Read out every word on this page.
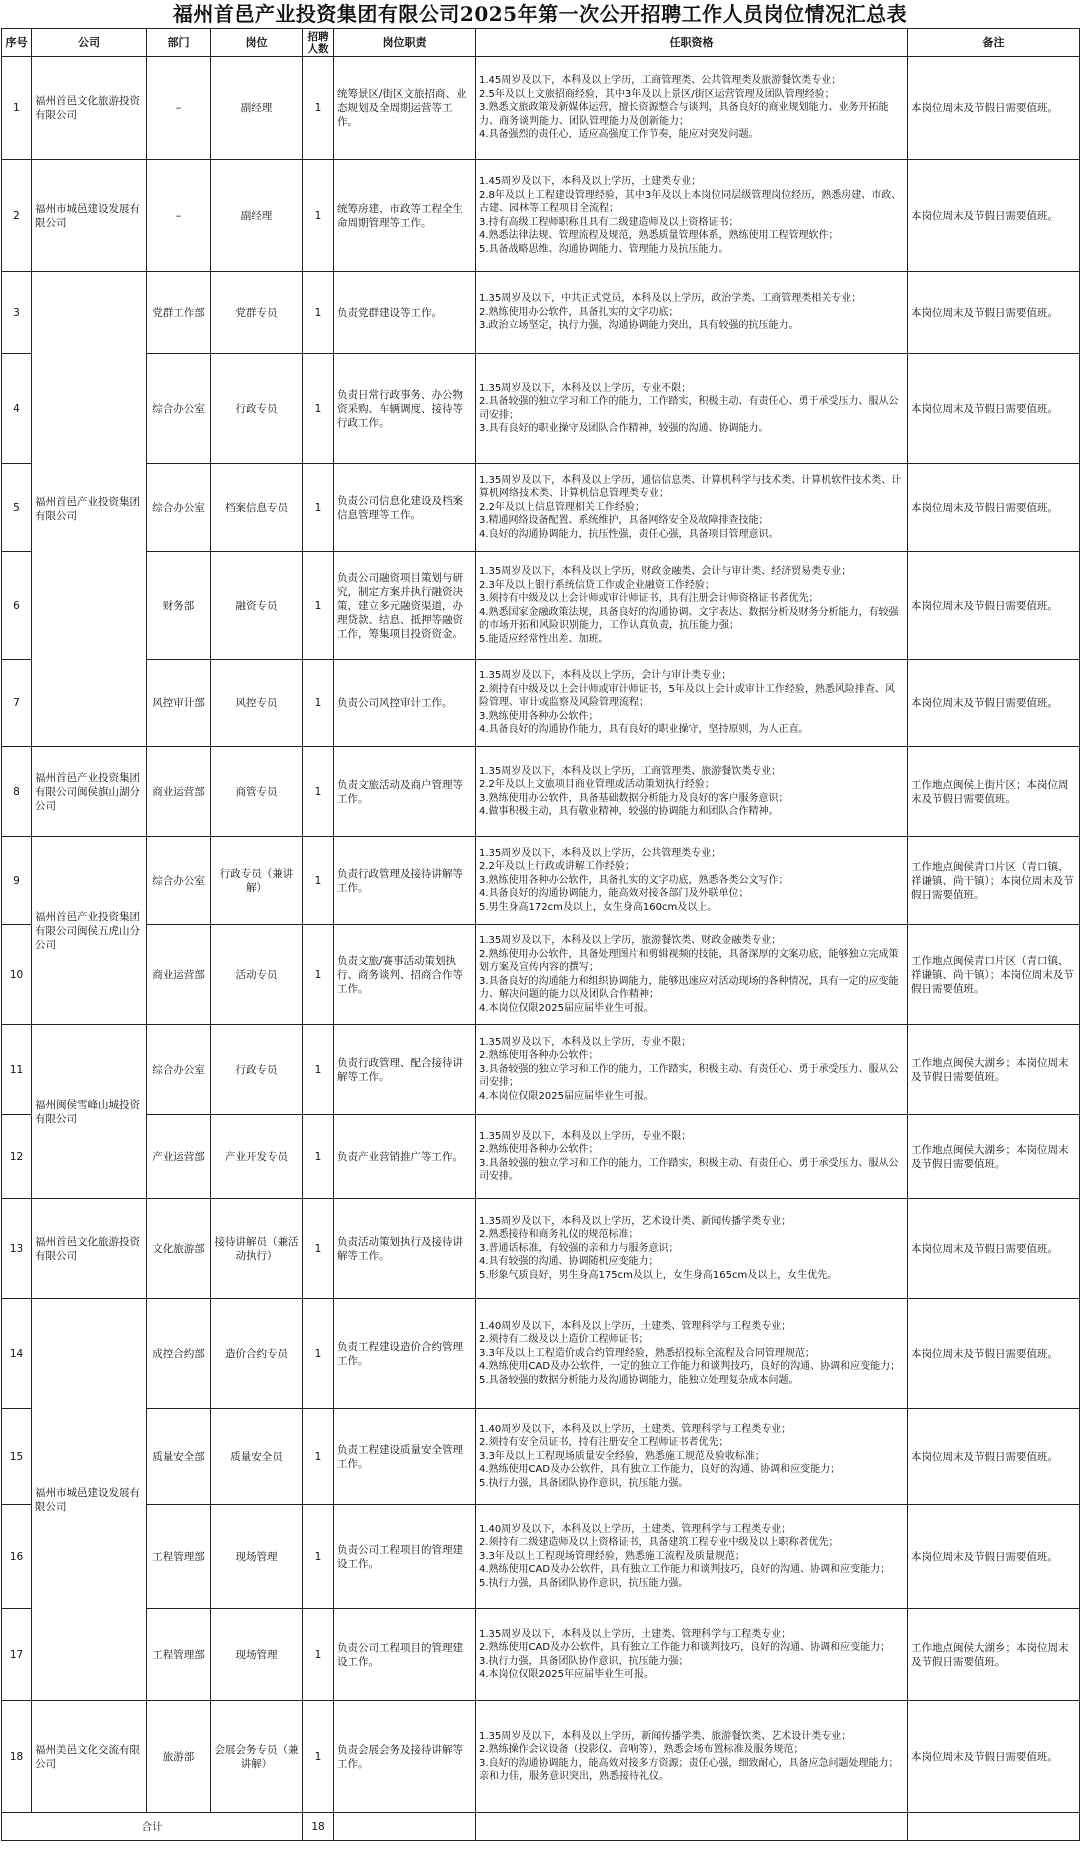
福州首邑产业投资集团有限公司2025年第一次公开招聘工作人员岗位情况汇总表
序号	公司	部门	岗位	招聘人数	岗位职责	任职资格	备注
1	福州首邑文化旅游投资有限公司	–	副经理	1	统筹景区/街区文旅招商、业态规划及全周期运营等工作。	1.45周岁及以下，本科及以上学历，工商管理类、公共管理类及旅游餐饮类专业；
2.5年及以上文旅招商经验，其中3年及以上景区/街区运营管理及团队管理经验；
3.熟悉文旅政策及新媒体运营，擅长资源整合与谈判，具备良好的商业规划能力、业务开拓能力、商务谈判能力、团队管理能力及创新能力；
4.具备强烈的责任心，适应高强度工作节奏，能应对突发问题。	本岗位周末及节假日需要值班。
2	福州市城邑建设发展有限公司	–	副经理	1	统筹房建、市政等工程全生命周期管理等工作。	1.45周岁及以下，本科及以上学历，土建类专业；
2.8年及以上工程建设管理经验，其中3年及以上本岗位同层级管理岗位经历，熟悉房建、市政、古建、园林等工程项目全流程；
3.持有高级工程师职称且具有二级建造师及以上资格证书；
4.熟悉法律法规、管理流程及规范，熟悉质量管理体系，熟练使用工程管理软件；
5.具备战略思维、沟通协调能力、管理能力及抗压能力。	本岗位周末及节假日需要值班。
3	福州首邑产业投资集团有限公司	党群工作部	党群专员	1	负责党群建设等工作。	1.35周岁及以下，中共正式党员，本科及以上学历，政治学类、工商管理类相关专业；
2.熟练使用办公软件，具备扎实的文字功底；
3.政治立场坚定，执行力强，沟通协调能力突出，具有较强的抗压能力。	本岗位周末及节假日需要值班。
4		综合办公室	行政专员	1	负责日常行政事务、办公物资采购、车辆调度、接待等行政工作。	1.35周岁及以下，本科及以上学历，专业不限；
2.具备较强的独立学习和工作的能力，工作踏实，积极主动、有责任心、勇于承受压力、服从公司安排；
3.具有良好的职业操守及团队合作精神，较强的沟通、协调能力。	本岗位周末及节假日需要值班。
5		综合办公室	档案信息专员	1	负责公司信息化建设及档案信息管理等工作。	1.35周岁及以下，本科及以上学历，通信信息类、计算机科学与技术类、计算机软件技术类、计算机网络技术类、计算机信息管理类专业；
2.2年及以上信息管理相关工作经验；
3.精通网络设备配置、系统维护，具备网络安全及故障排查技能；
4.良好的沟通协调能力，抗压性强，责任心强，具备项目管理意识。	本岗位周末及节假日需要值班。
6		财务部	融资专员	1	负责公司融资项目策划与研究，制定方案并执行融资决策，建立多元融资渠道，办理贷款、结息、抵押等融资工作，筹集项目投资资金。	1.35周岁及以下，本科及以上学历，财政金融类、会计与审计类、经济贸易类专业；
2.3年及以上银行系统信贷工作或企业融资工作经验；
3.须持有中级及以上会计师或审计师证书，具有注册会计师资格证书者优先；
4.熟悉国家金融政策法规，具备良好的沟通协调、文字表达、数据分析及财务分析能力，有较强的市场开拓和风险识别能力，工作认真负责，抗压能力强；
5.能适应经常性出差、加班。	本岗位周末及节假日需要值班。
7		风控审计部	风控专员	1	负责公司风控审计工作。	1.35周岁及以下，本科及以上学历，会计与审计类专业；
2.须持有中级及以上会计师或审计师证书，5年及以上会计或审计工作经验，熟悉风险排查、风险管理、审计或监察及风险管理流程；
3.熟练使用各种办公软件；
4.具备良好的沟通协作能力，具有良好的职业操守，坚持原则，为人正直。	本岗位周末及节假日需要值班。
8	福州首邑产业投资集团有限公司闽侯旗山湖分公司	商业运营部	商管专员	1	负责文旅活动及商户管理等工作。	1.35周岁及以下，本科及以上学历，工商管理类、旅游餐饮类专业；
2.2年及以上文旅项目商业管理或活动策划执行经验；
3.熟练使用办公软件，具备基础数据分析能力及良好的客户服务意识；
4.做事积极主动，具有敬业精神，较强的协调能力和团队合作精神。	工作地点闽侯上街片区；本岗位周末及节假日需要值班。
9	福州首邑产业投资集团有限公司闽侯五虎山分公司	综合办公室	行政专员（兼讲解）	1	负责行政管理及接待讲解等工作。	1.35周岁及以下，本科及以上学历，公共管理类专业；
2.2年及以上行政或讲解工作经验；
3.熟练使用各种办公软件，具备扎实的文字功底，熟悉各类公文写作；
4.具备良好的沟通协调能力，能高效对接各部门及外联单位；
5.男生身高172cm及以上，女生身高160cm及以上。	工作地点闽侯青口片区（青口镇、祥谦镇、尚干镇）；本岗位周末及节假日需要值班。
10		商业运营部	活动专员	1	负责文旅/赛事活动策划执行、商务谈判、招商合作等工作。	1.35周岁及以下，本科及以上学历，旅游餐饮类、财政金融类专业；
2.熟练使用办公软件，具备处理图片和剪辑视频的技能，具备深厚的文案功底，能够独立完成策划方案及宣传内容的撰写；
3.具备良好的沟通能力和组织协调能力，能够迅速应对活动现场的各种情况，具有一定的应变能力、解决问题的能力以及团队合作精神；
4.本岗位仅限2025届应届毕业生可报。	工作地点闽侯青口片区（青口镇、祥谦镇、尚干镇）；本岗位周末及节假日需要值班。
11	福州闽侯雪峰山城投资有限公司	综合办公室	行政专员	1	负责行政管理、配合接待讲解等工作。	1.35周岁及以下，本科及以上学历，专业不限；
2.熟练使用各种办公软件；
3.具备较强的独立学习和工作的能力，工作踏实，积极主动、有责任心、勇于承受压力、服从公司安排；
4.本岗位仅限2025届应届毕业生可报。	工作地点闽侯大湖乡；本岗位周末及节假日需要值班。
12		产业运营部	产业开发专员	1	负责产业营销推广等工作。	1.35周岁及以下，本科及以上学历，专业不限；
2.熟练使用各种办公软件；
3.具备较强的独立学习和工作的能力，工作踏实，积极主动、有责任心、勇于承受压力、服从公司安排。	工作地点闽侯大湖乡；本岗位周末及节假日需要值班。
13	福州首邑文化旅游投资有限公司	文化旅游部	接待讲解员（兼活动执行）	1	负责活动策划执行及接待讲解等工作。	1.35周岁及以下，本科及以上学历，艺术设计类、新闻传播学类专业；
2.熟悉接待和商务礼仪的规范标准；
3.普通话标准，有较强的亲和力与服务意识；
4.具有较强的沟通、协调随机应变能力；
5.形象气质良好，男生身高175cm及以上，女生身高165cm及以上，女生优先。	本岗位周末及节假日需要值班。
14	福州市城邑建设发展有限公司	成控合约部	造价合约专员	1	负责工程建设造价合约管理工作。	1.40周岁及以下，本科及以上学历，土建类、管理科学与工程类专业；
2.须持有二级及以上造价工程师证书；
3.3年及以上工程造价或合约管理经验，熟悉招投标全流程及合同管理规范；
4.熟练使用CAD及办公软件，一定的独立工作能力和谈判技巧，良好的沟通、协调和应变能力；
5.具备较强的数据分析能力及沟通协调能力，能独立处理复杂成本问题。	本岗位周末及节假日需要值班。
15		质量安全部	质量安全员	1	负责工程建设质量安全管理工作。	1.40周岁及以下，本科及以上学历，土建类、管理科学与工程类专业；
2.须持有安全员证书，持有注册安全工程师证书者优先；
3.3年及以上工程现场质量安全经验，熟悉施工规范及验收标准；
4.熟练使用CAD及办公软件，具有独立工作能力，良好的沟通、协调和应变能力；
5.执行力强，具备团队协作意识，抗压能力强。	本岗位周末及节假日需要值班。
16		工程管理部	现场管理	1	负责公司工程项目的管理建设工作。	1.40周岁及以下，本科及以上学历，土建类、管理科学与工程类专业；
2.须持有二级建造师及以上资格证书，具备建筑工程专业中级及以上职称者优先；
3.3年及以上工程现场管理经验，熟悉施工流程及质量规范；
4.熟练使用CAD及办公软件，具有独立工作能力和谈判技巧，良好的沟通、协调和应变能力；
5.执行力强，具备团队协作意识，抗压能力强。	本岗位周末及节假日需要值班。
17		工程管理部	现场管理	1	负责公司工程项目的管理建设工作。	1.35周岁及以下，本科及以上学历，土建类、管理科学与工程类专业；
2.熟练使用CAD及办公软件，具有独立工作能力和谈判技巧，良好的沟通、协调和应变能力；
3.执行力强，具备团队协作意识，抗压能力强；
4.本岗位仅限2025年应届毕业生可报。	工作地点闽侯大湖乡；本岗位周末及节假日需要值班。
18	福州美邑文化交流有限公司	旅游部	会展会务专员（兼讲解）	1	负责会展会务及接待讲解等工作。	1.35周岁及以下，本科及以上学历，新闻传播学类、旅游餐饮类、艺术设计类专业；
2.熟练操作会议设备（投影仪、音响等），熟悉会场布置标准及服务规范；
3.良好的沟通协调能力，能高效对接多方资源；责任心强，细致耐心，具备应急问题处理能力；亲和力佳，服务意识突出，熟悉接待礼仪。	本岗位周末及节假日需要值班。
合计				18			
